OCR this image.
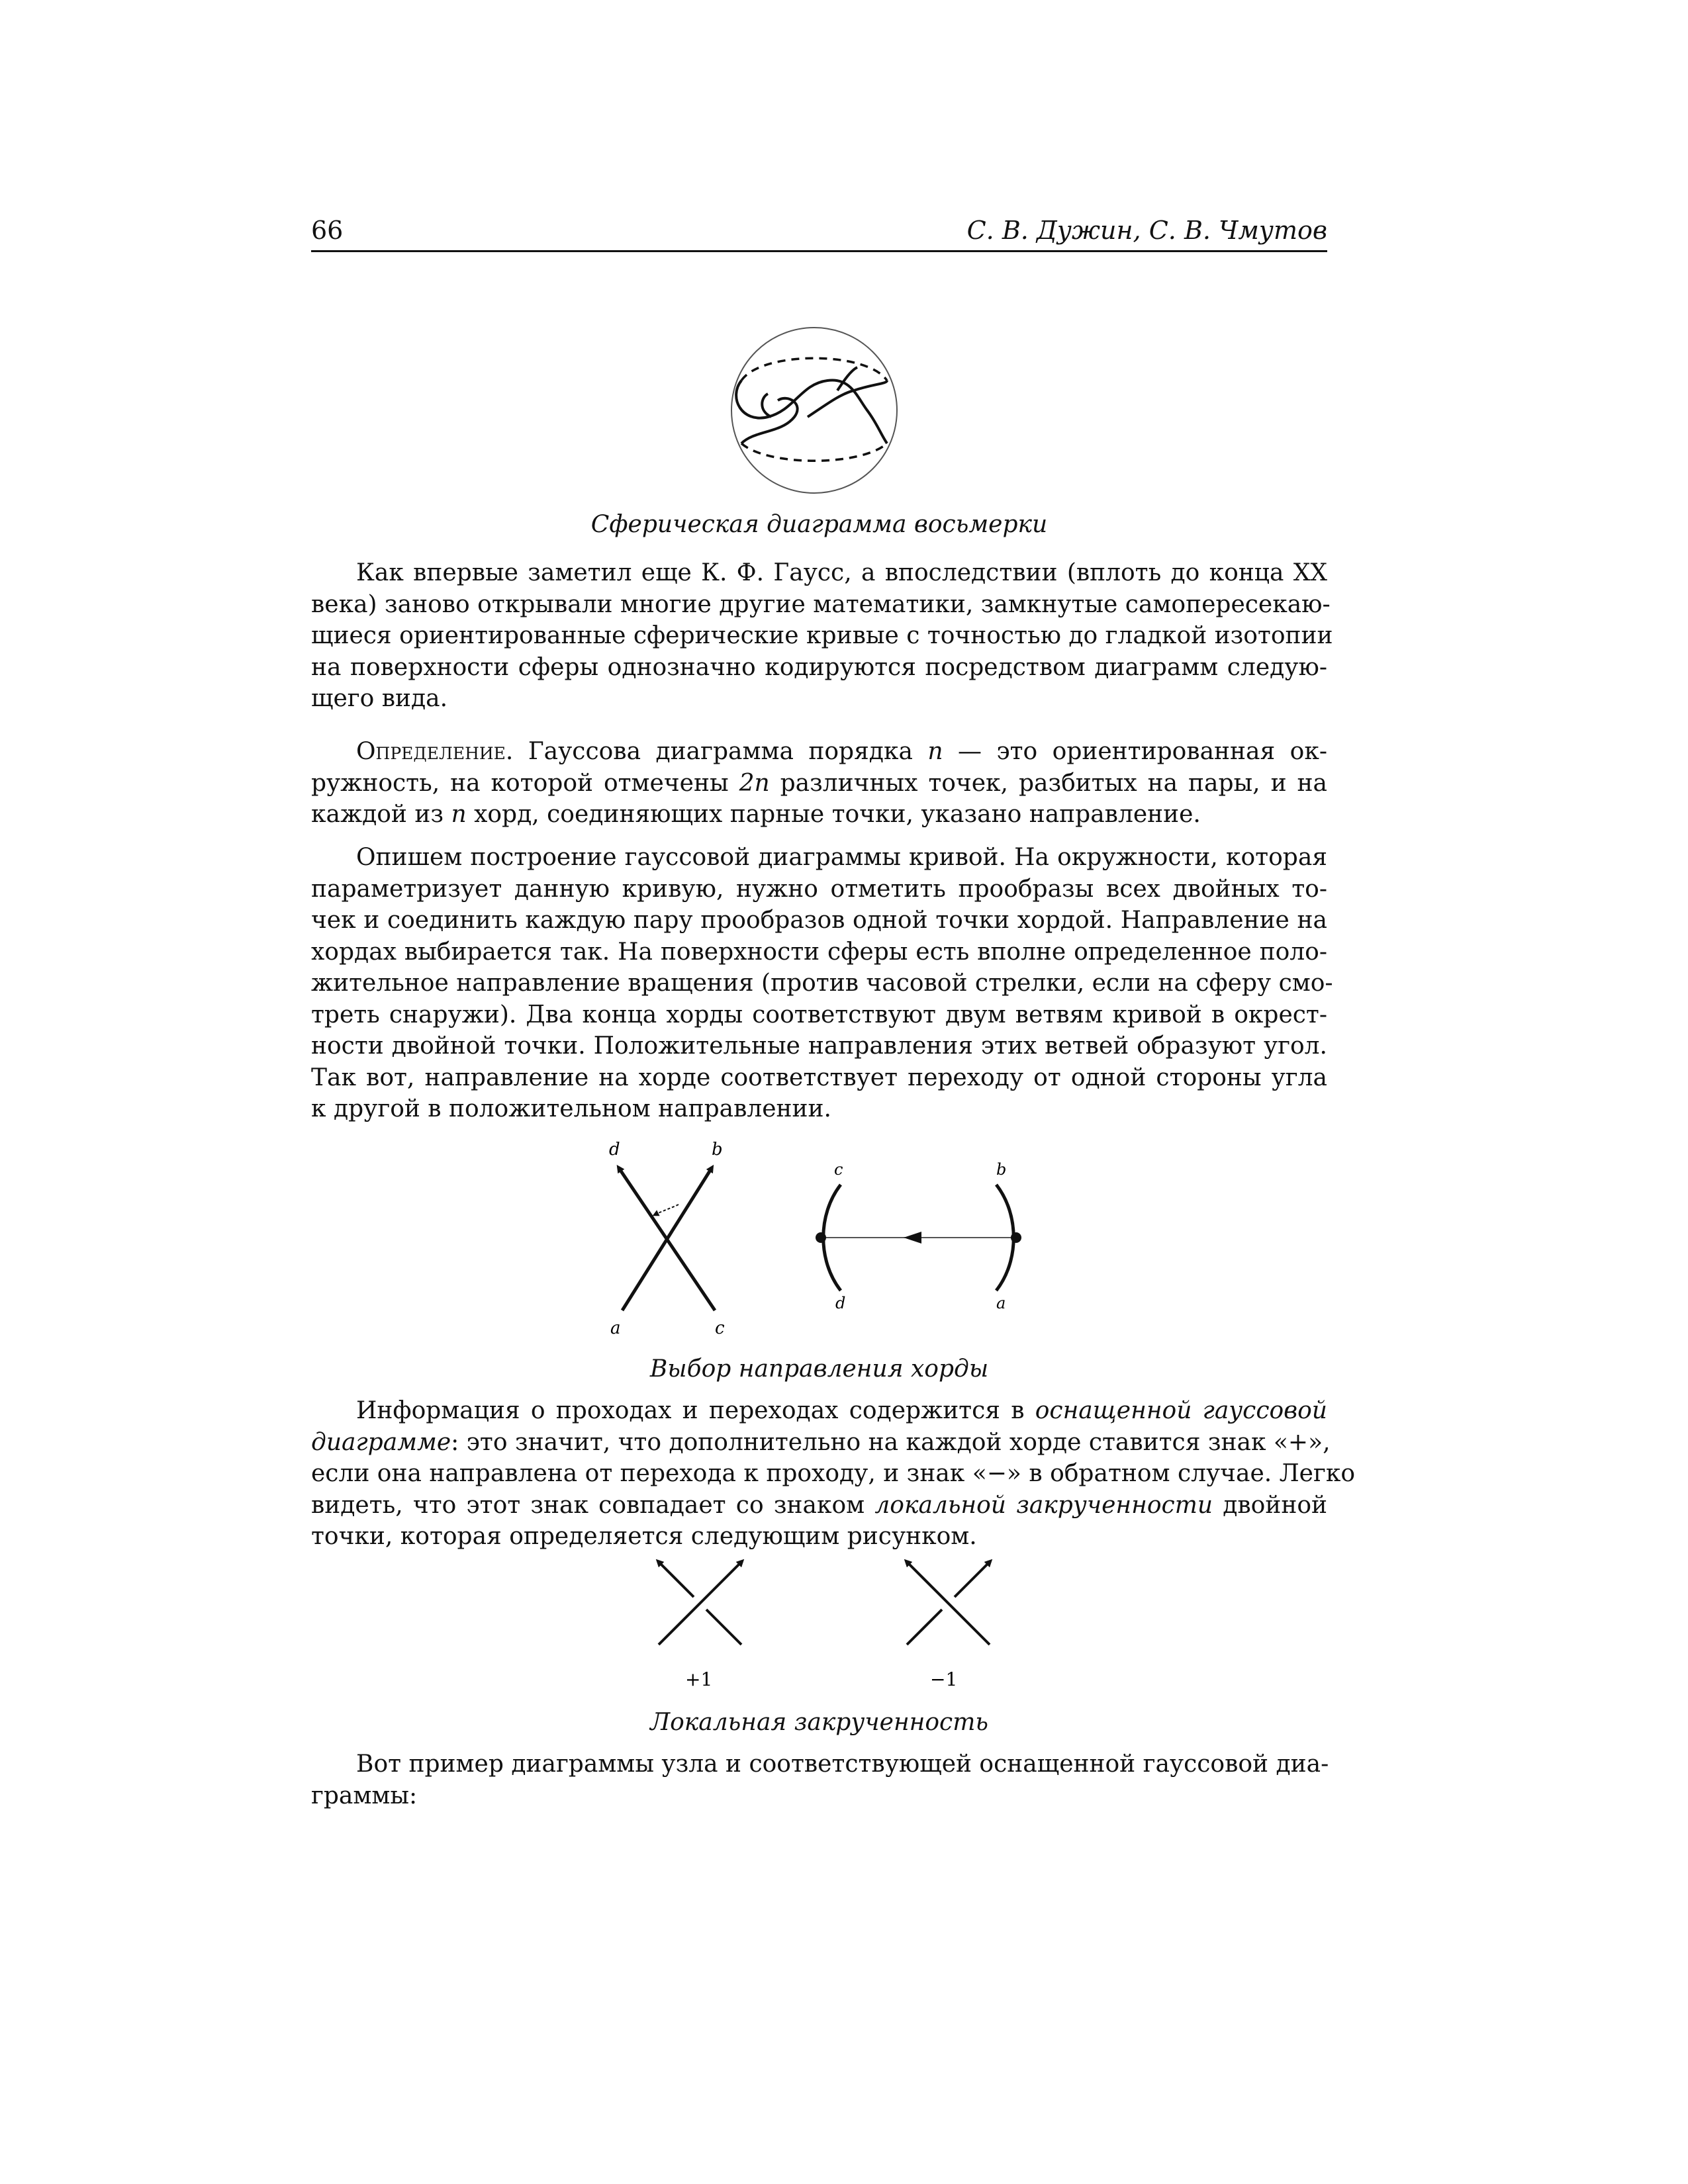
66	С. В. Дужин, С. В. Чмутов
Сферическая диаграмма восьмерки
Как впервые заметил еще К. Ф. Гаусс, а впоследствии (вплоть до конца XX
века) заново открывали многие другие математики, замкнутые самопересекаю-
щиеся ориентированные сферические кривые с точностью до гладкой изотопии
на поверхности сферы однозначно кодируются посредством диаграмм следую-
щего вида.
Определение. Гауссова диаграмма порядка n — это ориентированная ок-
ружность, на которой отмечены 2n различных точек, разбитых на пары, и на
каждой из n хорд, соединяющих парные точки, указано направление.
Опишем построение гауссовой диаграммы кривой. На окружности, которая
параметризует данную кривую, нужно отметить прообразы всех двойных то-
чек и соединить каждую пару прообразов одной точки хордой. Направление на
хордах выбирается так. На поверхности сферы есть вполне определенное поло-
жительное направление вращения (против часовой стрелки, если на сферу смо-
треть снаружи). Два конца хорды соответствуют двум ветвям кривой в окрест-
ности двойной точки. Положительные направления этих ветвей образуют угол.
Так вот, направление на хорде соответствует переходу от одной стороны угла
к другой в положительном направлении.
d	b
a	c
c	b
d	a
Выбор направления хорды
Информация о проходах и переходах содержится в оснащенной гауссовой
диаграмме: это значит, что дополнительно на каждой хорде ставится знак «+»,
если она направлена от перехода к проходу, и знак «−» в обратном случае. Легко
видеть, что этот знак совпадает со знаком локальной закрученности двойной
точки, которая определяется следующим рисунком.
+1	−1
Локальная закрученность
Вот пример диаграммы узла и соответствующей оснащенной гауссовой диа-
граммы:
